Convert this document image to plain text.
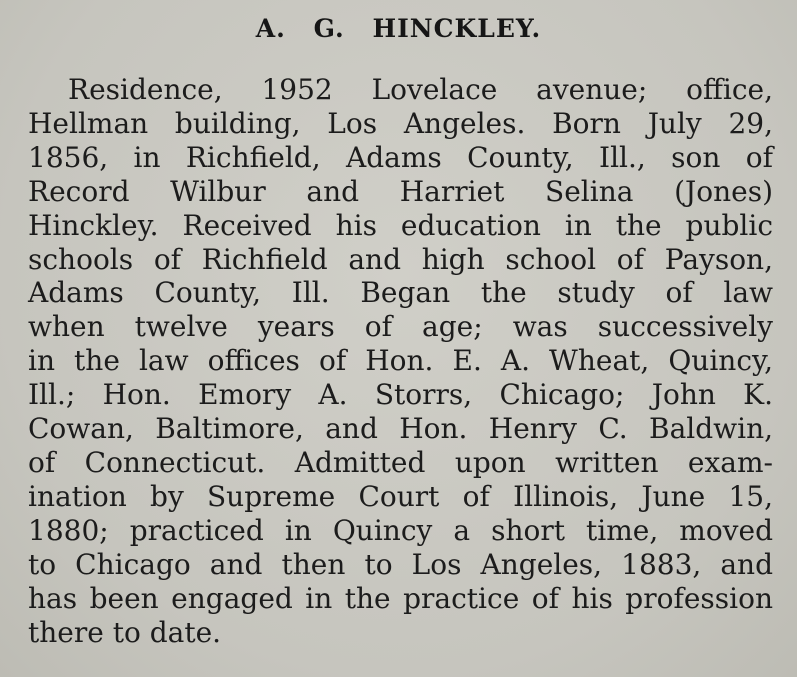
A. G. HINCKLEY.
Residence, 1952 Lovelace avenue; office,
Hellman building, Los Angeles. Born July 29,
1856, in Richfield, Adams County, Ill., son of
Record Wilbur and Harriet Selina (Jones)
Hinckley. Received his education in the public
schools of Richfield and high school of Payson,
Adams County, Ill. Began the study of law
when twelve years of age; was successively
in the law offices of Hon. E. A. Wheat, Quincy,
Ill.; Hon. Emory A. Storrs, Chicago; John K.
Cowan, Baltimore, and Hon. Henry C. Baldwin,
of Connecticut. Admitted upon written exam-
ination by Supreme Court of Illinois, June 15,
1880; practiced in Quincy a short time, moved
to Chicago and then to Los Angeles, 1883, and
has been engaged in the practice of his profession
there to date.
